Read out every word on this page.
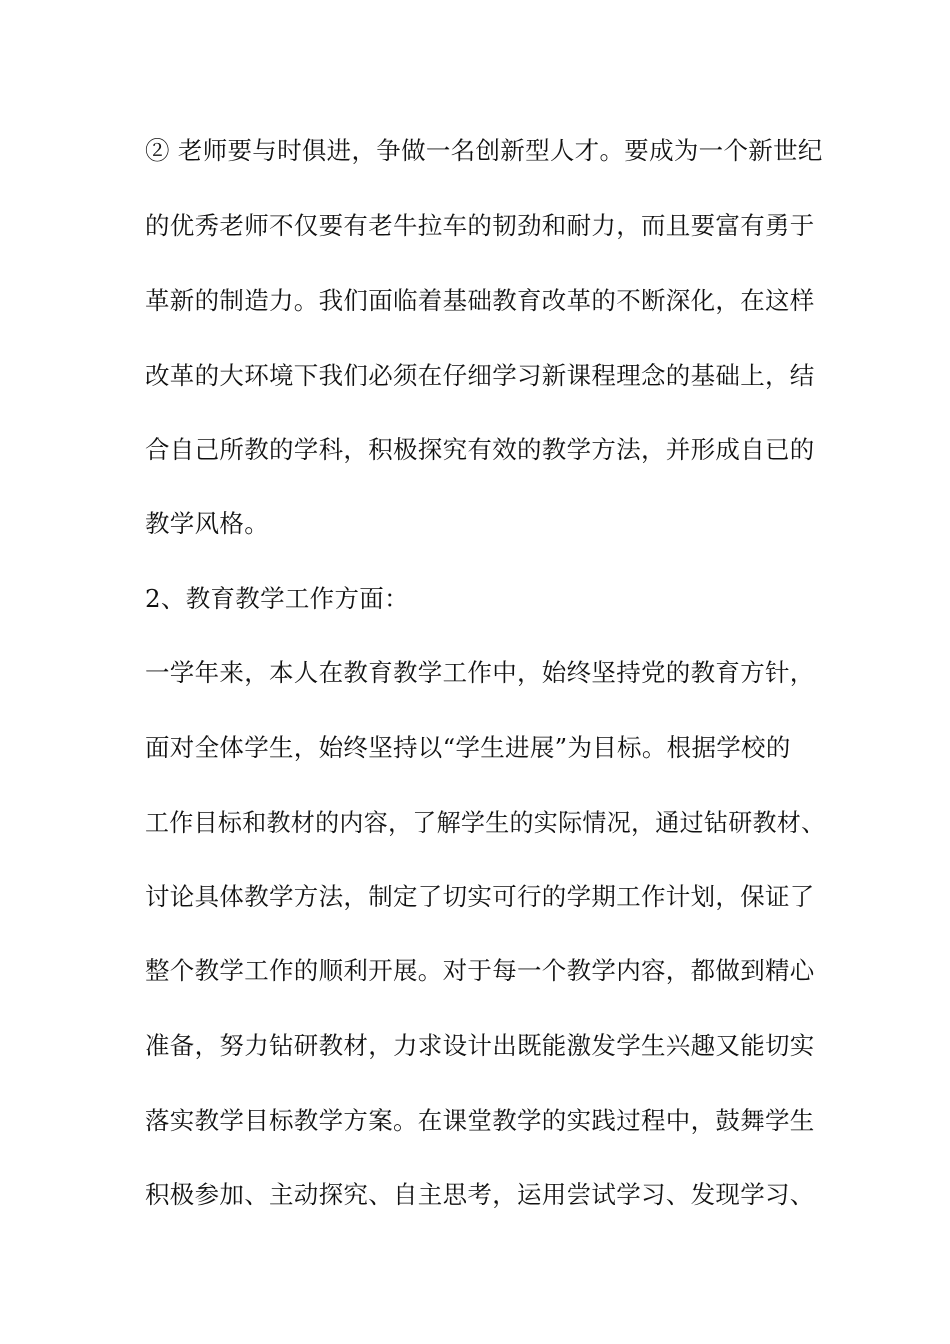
② 老师要与时俱进，争做一名创新型人才。要成为一个新世纪
的优秀老师不仅要有老牛拉车的韧劲和耐力，而且要富有勇于
革新的制造力。我们面临着基础教育改革的不断深化，在这样
改革的大环境下我们必须在仔细学习新课程理念的基础上，结
合自己所教的学科，积极探究有效的教学方法，并形成自已的
教学风格。
2、教育教学工作方面：
一学年来，本人在教育教学工作中，始终坚持党的教育方针，
面对全体学生，始终坚持以“学生进展”为目标。根据学校的
工作目标和教材的内容，了解学生的实际情况，通过钻研教材、
讨论具体教学方法，制定了切实可行的学期工作计划，保证了
整个教学工作的顺利开展。对于每一个教学内容，都做到精心
准备，努力钻研教材，力求设计出既能激发学生兴趣又能切实
落实教学目标教学方案。在课堂教学的实践过程中，鼓舞学生
积极参加、主动探究、自主思考，运用尝试学习、发现学习、
